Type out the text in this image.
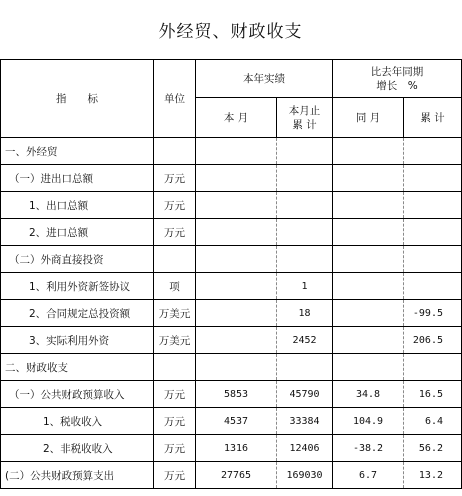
外经贸、财政收支
指　　标	单位	本年实绩		比去年同期
增长　%	

		本 月	本月止
累 计	同 月	累 计
一、外经贸					
（一）进出口总额	万元				
1、出口总额	万元				
2、进口总额	万元				
（二）外商直接投资					
1、利用外资新签协议	项		1		
2、合同规定总投资额	万美元		18		-99.5
3、实际利用外资	万美元		2452		206.5
二、财政收支					
（一）公共财政预算收入	万元	5853	45790	34.8	16.5
1、税收收入	万元	4537	33384	104.9	6.4
2、非税收收入	万元	1316	12406	-38.2	56.2
(二）公共财政预算支出	万元	27765	169030	6.7	13.2
